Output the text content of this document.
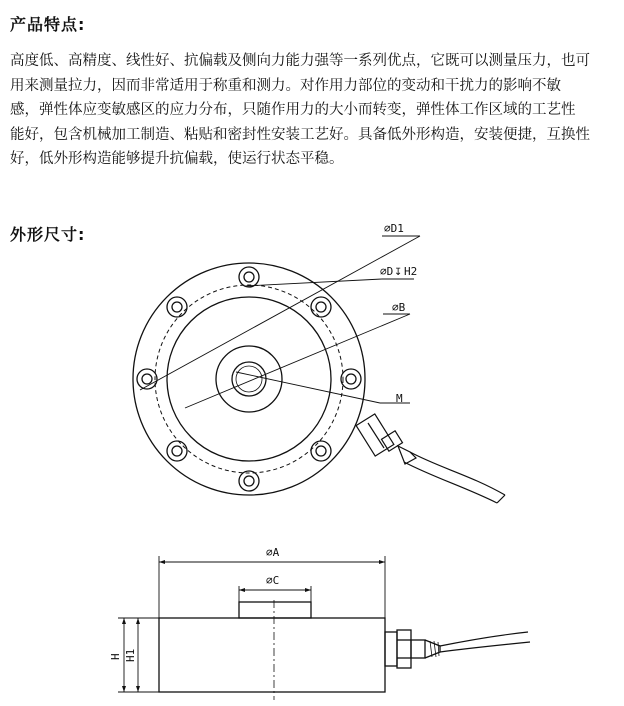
产品特点:
高度低、高精度、线性好、抗偏载及侧向力能力强等一系列优点，它既可以测量压力，也可
用来测量拉力，因而非常适用于称重和测力。对作用力部位的变动和干扰力的影响不敏
感，弹性体应变敏感区的应力分布，只随作用力的大小而转变，弹性体工作区域的工艺性
能好，包含机械加工制造、粘贴和密封性安装工艺好。具备低外形构造，安装便捷，互换性
好，低外形构造能够提升抗偏载，使运行状态平稳。
外形尺寸:	⌀D1
⌀D ↧ H2
⌀B
M
⌀A
⌀C
H H1
